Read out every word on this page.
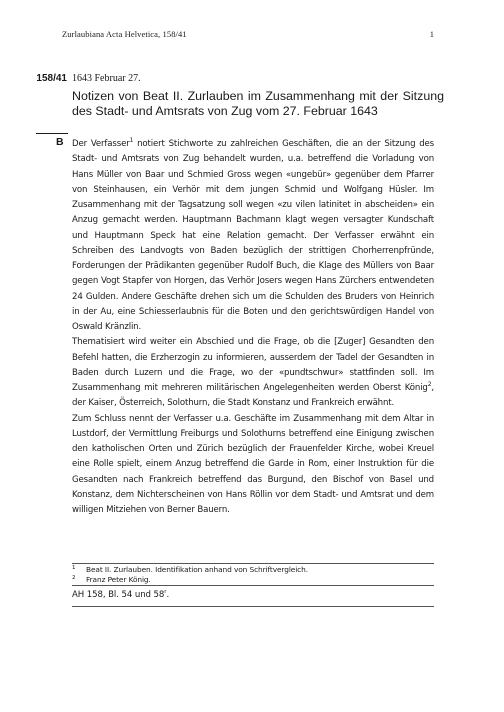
Zurlaubiana Acta Helvetica, 158/41	1
158/41 1643 Februar 27.
Notizen von Beat II. Zurlauben im Zusammenhang mit der Sitzung des Stadt- und Amtsrats von Zug vom 27. Februar 1643
B Der Verfasser$^1$ notiert Stichworte zu zahlreichen Geschäften, die an der Sitzung des Stadt- und Amtsrats von Zug behandelt wurden, u.a. betreffend die Vorladung von Hans Müller von Baar und Schmied Gross wegen «ungebür» gegenüber dem Pfarrer von Steinhausen, ein Verhör mit dem jungen Schmid und Wolfgang Hüsler. Im Zusammenhang mit der Tagsatzung soll wegen «zu vilen latinitet in abscheiden» ein Anzug gemacht werden. Hauptmann Bachmann klagt wegen versagter Kundschaft und Hauptmann Speck hat eine Relation gemacht. Der Verfasser erwähnt ein Schreiben des Landvogts von Baden bezüglich der strittigen Chorherrenpfründe, Forderungen der Prädikanten gegenüber Rudolf Buch, die Klage des Müllers von Baar gegen Vogt Stapfer von Horgen, das Verhör Josers wegen Hans Zürchers entwendeten 24 Gulden. Andere Geschäfte drehen sich um die Schulden des Bruders von Heinrich in der Au, eine Schiesserlaubnis für die Boten und den gerichtswürdigen Handel von Oswald Kränzlin.

Thematisiert wird weiter ein Abschied und die Frage, ob die [Zuger] Gesandten den Befehl hatten, die Erzherzogin zu informieren, ausserdem der Tadel der Gesandten in Baden durch Luzern und die Frage, wo der «pundtschwur» stattfinden soll. Im Zusammenhang mit mehreren militärischen Angelegenheiten werden Oberst König$^2$, der Kaiser, Österreich, Solothurn, die Stadt Konstanz und Frankreich erwähnt.

Zum Schluss nennt der Verfasser u.a. Geschäfte im Zusammenhang mit dem Altar in Lustdorf, der Vermittlung Freiburgs und Solothurns betreffend eine Einigung zwischen den katholischen Orten und Zürich bezüglich der Frauenfelder Kirche, wobei Kreuel eine Rolle spielt, einem Anzug betreffend die Garde in Rom, einer Instruktion für die Gesandten nach Frankreich betreffend das Burgund, den Bischof von Basel und Konstanz, dem Nichterscheinen von Hans Röllin vor dem Stadt- und Amtsrat und dem willigen Mitziehen von Berner Bauern.

1 Beat II. Zurlauben. Identifikation anhand von Schriftvergleich.
2 Franz Peter König.
AH 158, Bl. 54 und 58$^r$.
